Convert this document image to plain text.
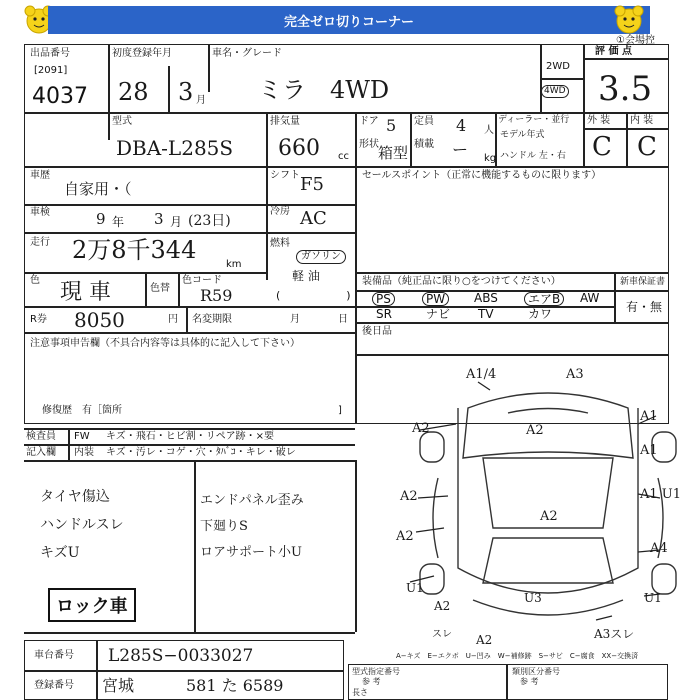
完全ゼロ切りコーナー
①会場控
出品番号
[2091]
4037
初度登録年月
28 3 月
車名・グレード
ミラ　4WD
2WD
4WD
評 価 点
3.5
型式
DBA-L285S
排気量
660 cc
ドア 5
形状 箱型
定員 4 人
積載 ー kg
ディーラー・並行
モデル年式
ハンドル 左・右
外 装 内 装
C C
車歴
自家用・（
シフト F5
車検	9 年 3 月 (23日)
冷房 AC
走行 2万8千344
km
燃料
ガソリン
軽 油
(　　　　　　)
色 現 車	色替
色コード
R59
R券 8050	円 名変期限	月	日
注意事項申告欄（不具合内容等は具体的に記入して下さい）
修復歴　有［箇所	]
セールスポイント（正常に機能するものに限ります）
装備品（純正品に限り○をつけてください）	新車保証書
有・無
PS	PW	ABS	エアB	AW
SR	ナビ TV	カワ
後日品
検査員
記入欄
FW キズ・飛石・ヒビ割・リペア跡・×要
内装 キズ・汚レ・コゲ・穴・ﾀﾊﾞｺ・キレ・破レ
タイヤ傷込
ハンドルスレ
キズU
エンドパネル歪み
下廻りS
ロアサポート小U
ロック車
A1/4	A3
A2	A2
A1
A1
A1 U1
A2
A2
A2
A4
U1
U1
U3
A2
スレ	A3スレ
A2
車台番号 L285S−0033027
登録番号 宮城	581 た 6589
A−キズ　E−エクボ　U−凹み　W−補修跡　S−サビ　C−腐食　XX−交換済
型式指定番号
参 考
類別区分番号
参 考
長さ
